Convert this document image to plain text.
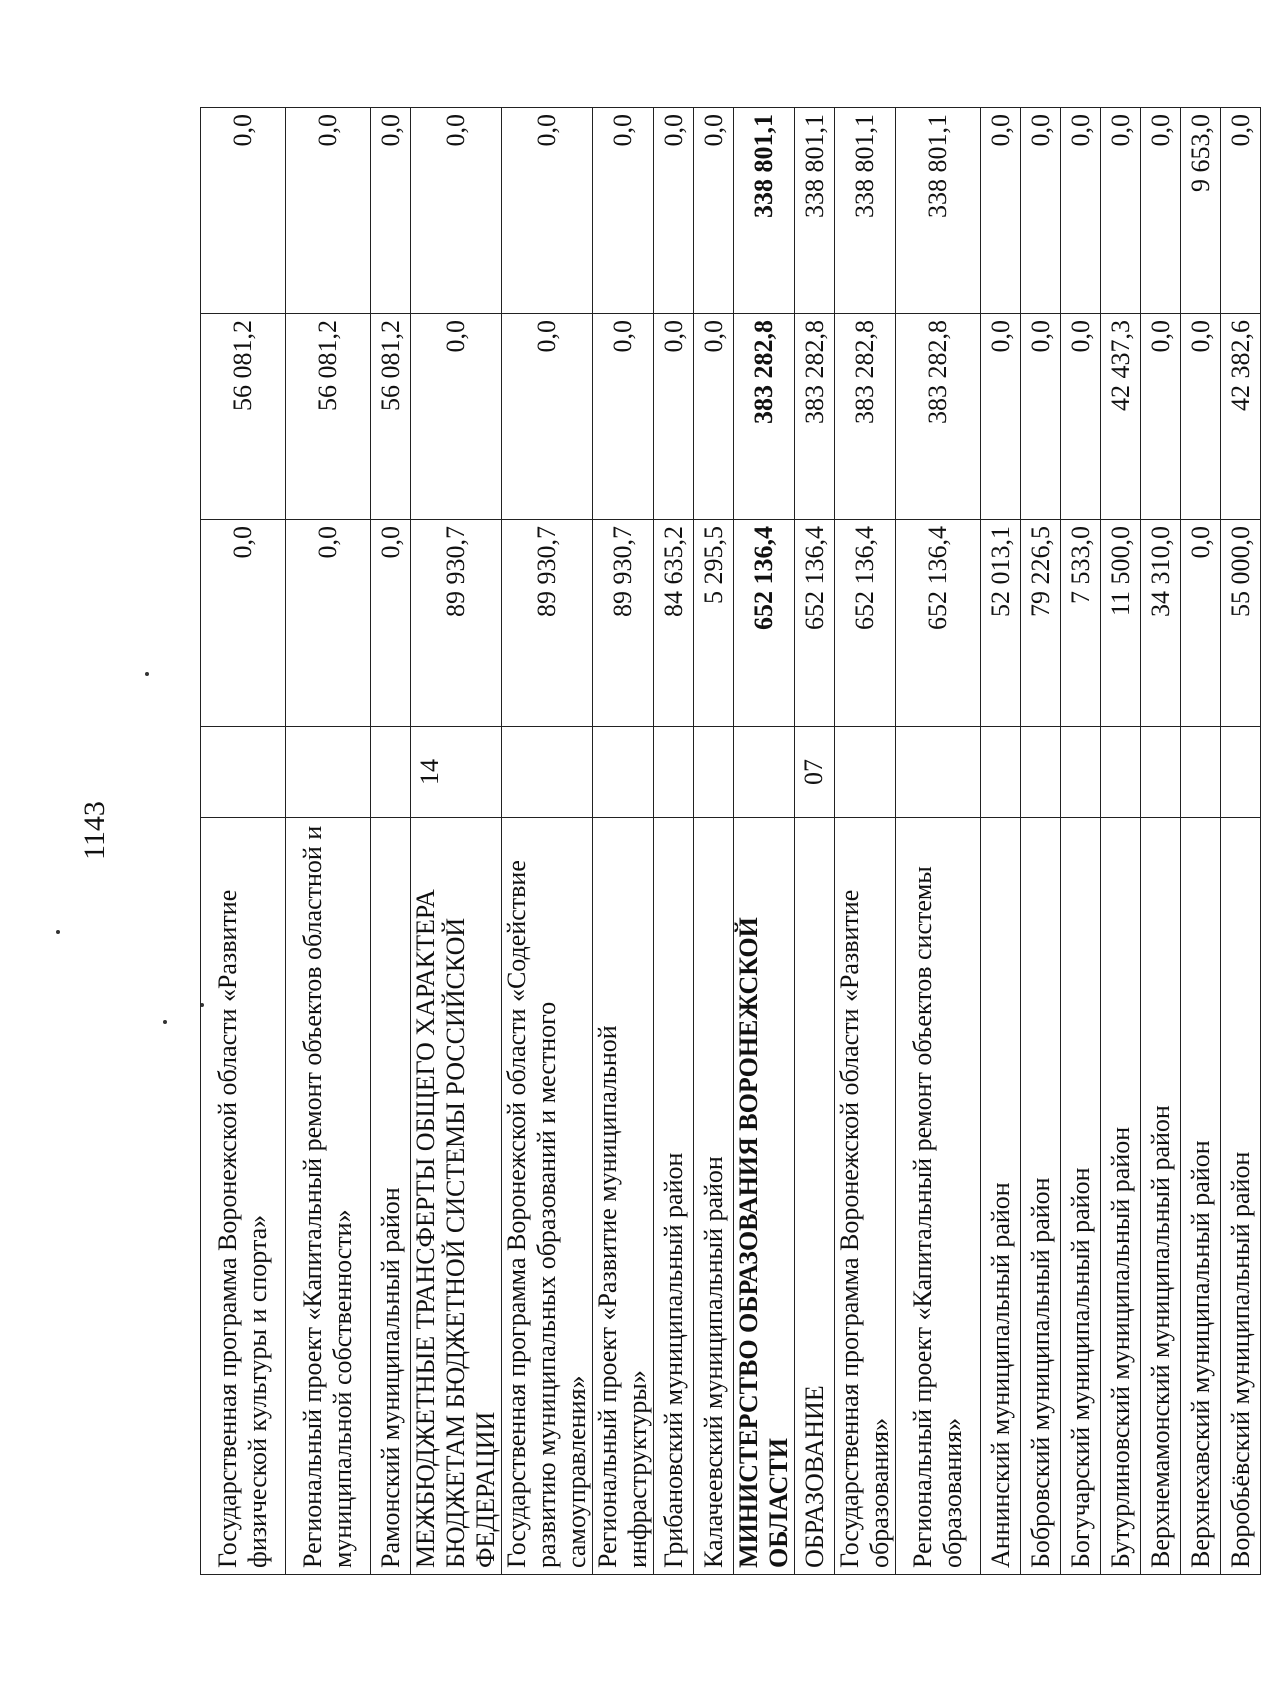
1143
Государственная программа Воронежской области «Развитие физической культуры и спорта»		0,0	56 081,2	0,0
Региональный проект «Капитальный ремонт объектов областной и муниципальной собственности»		0,0	56 081,2	0,0
Рамонский муниципальный район		0,0	56 081,2	0,0
МЕЖБЮДЖЕТНЫЕ ТРАНСФЕРТЫ ОБЩЕГО ХАРАКТЕРА БЮДЖЕТАМ БЮДЖЕТНОЙ СИСТЕМЫ РОССИЙСКОЙ ФЕДЕРАЦИИ	14	89 930,7	0,0	0,0
Государственная программа Воронежской области «Содействие развитию муниципальных образований и местного самоуправления»		89 930,7	0,0	0,0
Региональный проект «Развитие муниципальной инфраструктуры»		89 930,7	0,0	0,0
Грибановский муниципальный район		84 635,2	0,0	0,0
Калачеевский муниципальный район		5 295,5	0,0	0,0
МИНИСТЕРСТВО ОБРАЗОВАНИЯ ВОРОНЕЖСКОЙ ОБЛАСТИ		652 136,4	383 282,8	338 801,1
ОБРАЗОВАНИЕ	07	652 136,4	383 282,8	338 801,1
Государственная программа Воронежской области «Развитие образования»		652 136,4	383 282,8	338 801,1
Региональный проект «Капитальный ремонт объектов системы образования»		652 136,4	383 282,8	338 801,1
Аннинский муниципальный район		52 013,1	0,0	0,0
Бобровский муниципальный район		79 226,5	0,0	0,0
Богучарский муниципальный район		7 533,0	0,0	0,0
Бутурлиновский муниципальный район		11 500,0	42 437,3	0,0
Верхнемамонский муниципальный район		34 310,0	0,0	0,0
Верхнехавский муниципальный район		0,0	0,0	9 653,0
Воробьёвский муниципальный район		55 000,0	42 382,6	0,0
